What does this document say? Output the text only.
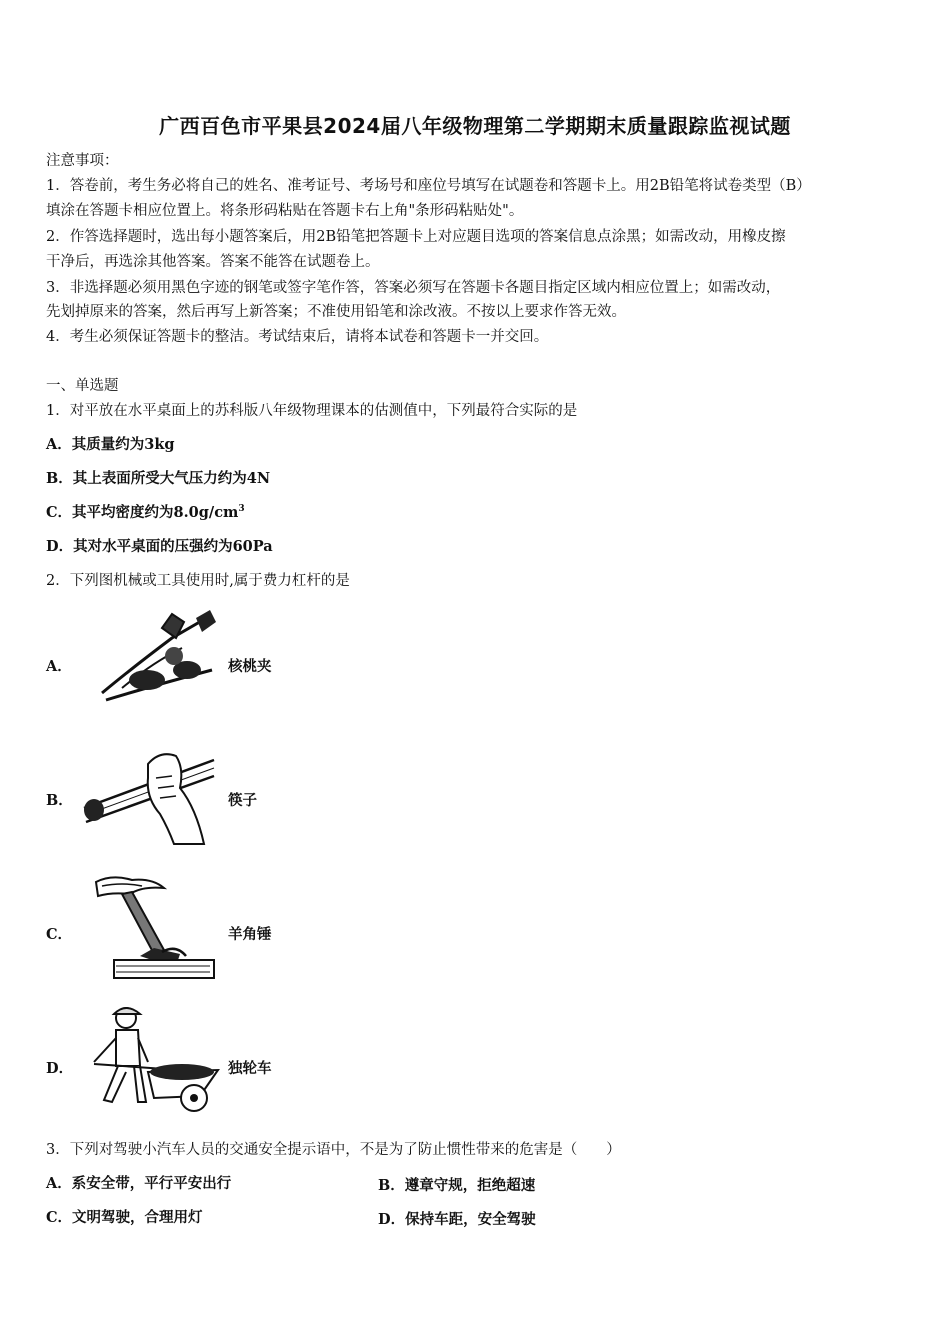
广西百色市平果县2024届八年级物理第二学期期末质量跟踪监视试题
注意事项：
1．答卷前，考生务必将自己的姓名、准考证号、考场号和座位号填写在试题卷和答题卡上。用2B铅笔将试卷类型（B）
填涂在答题卡相应位置上。将条形码粘贴在答题卡右上角"条形码粘贴处"。
2．作答选择题时，选出每小题答案后，用2B铅笔把答题卡上对应题目选项的答案信息点涂黑；如需改动，用橡皮擦
干净后，再选涂其他答案。答案不能答在试题卷上。
3．非选择题必须用黑色字迹的钢笔或签字笔作答，答案必须写在答题卡各题目指定区域内相应位置上；如需改动，
先划掉原来的答案，然后再写上新答案；不准使用铅笔和涂改液。不按以上要求作答无效。
4．考生必须保证答题卡的整洁。考试结束后，请将本试卷和答题卡一并交回。
一、单选题
1．对平放在水平桌面上的苏科版八年级物理课本的估测值中，下列最符合实际的是
A．其质量约为3kg
B．其上表面所受大气压力约为4N
C．其平均密度约为$8.0g/cm^3$
D．其对水平桌面的压强约为60Pa
2．下列图机械或工具使用时,属于费力杠杆的是
A．	核桃夹
B．	筷子
C．	羊角锤
D．	独轮车
3．下列对驾驶小汽车人员的交通安全提示语中，不是为了防止惯性带来的危害是（　　）
A．系安全带，平行平安出行	B．遵章守规，拒绝超速
C．文明驾驶，合理用灯	D．保持车距，安全驾驶
